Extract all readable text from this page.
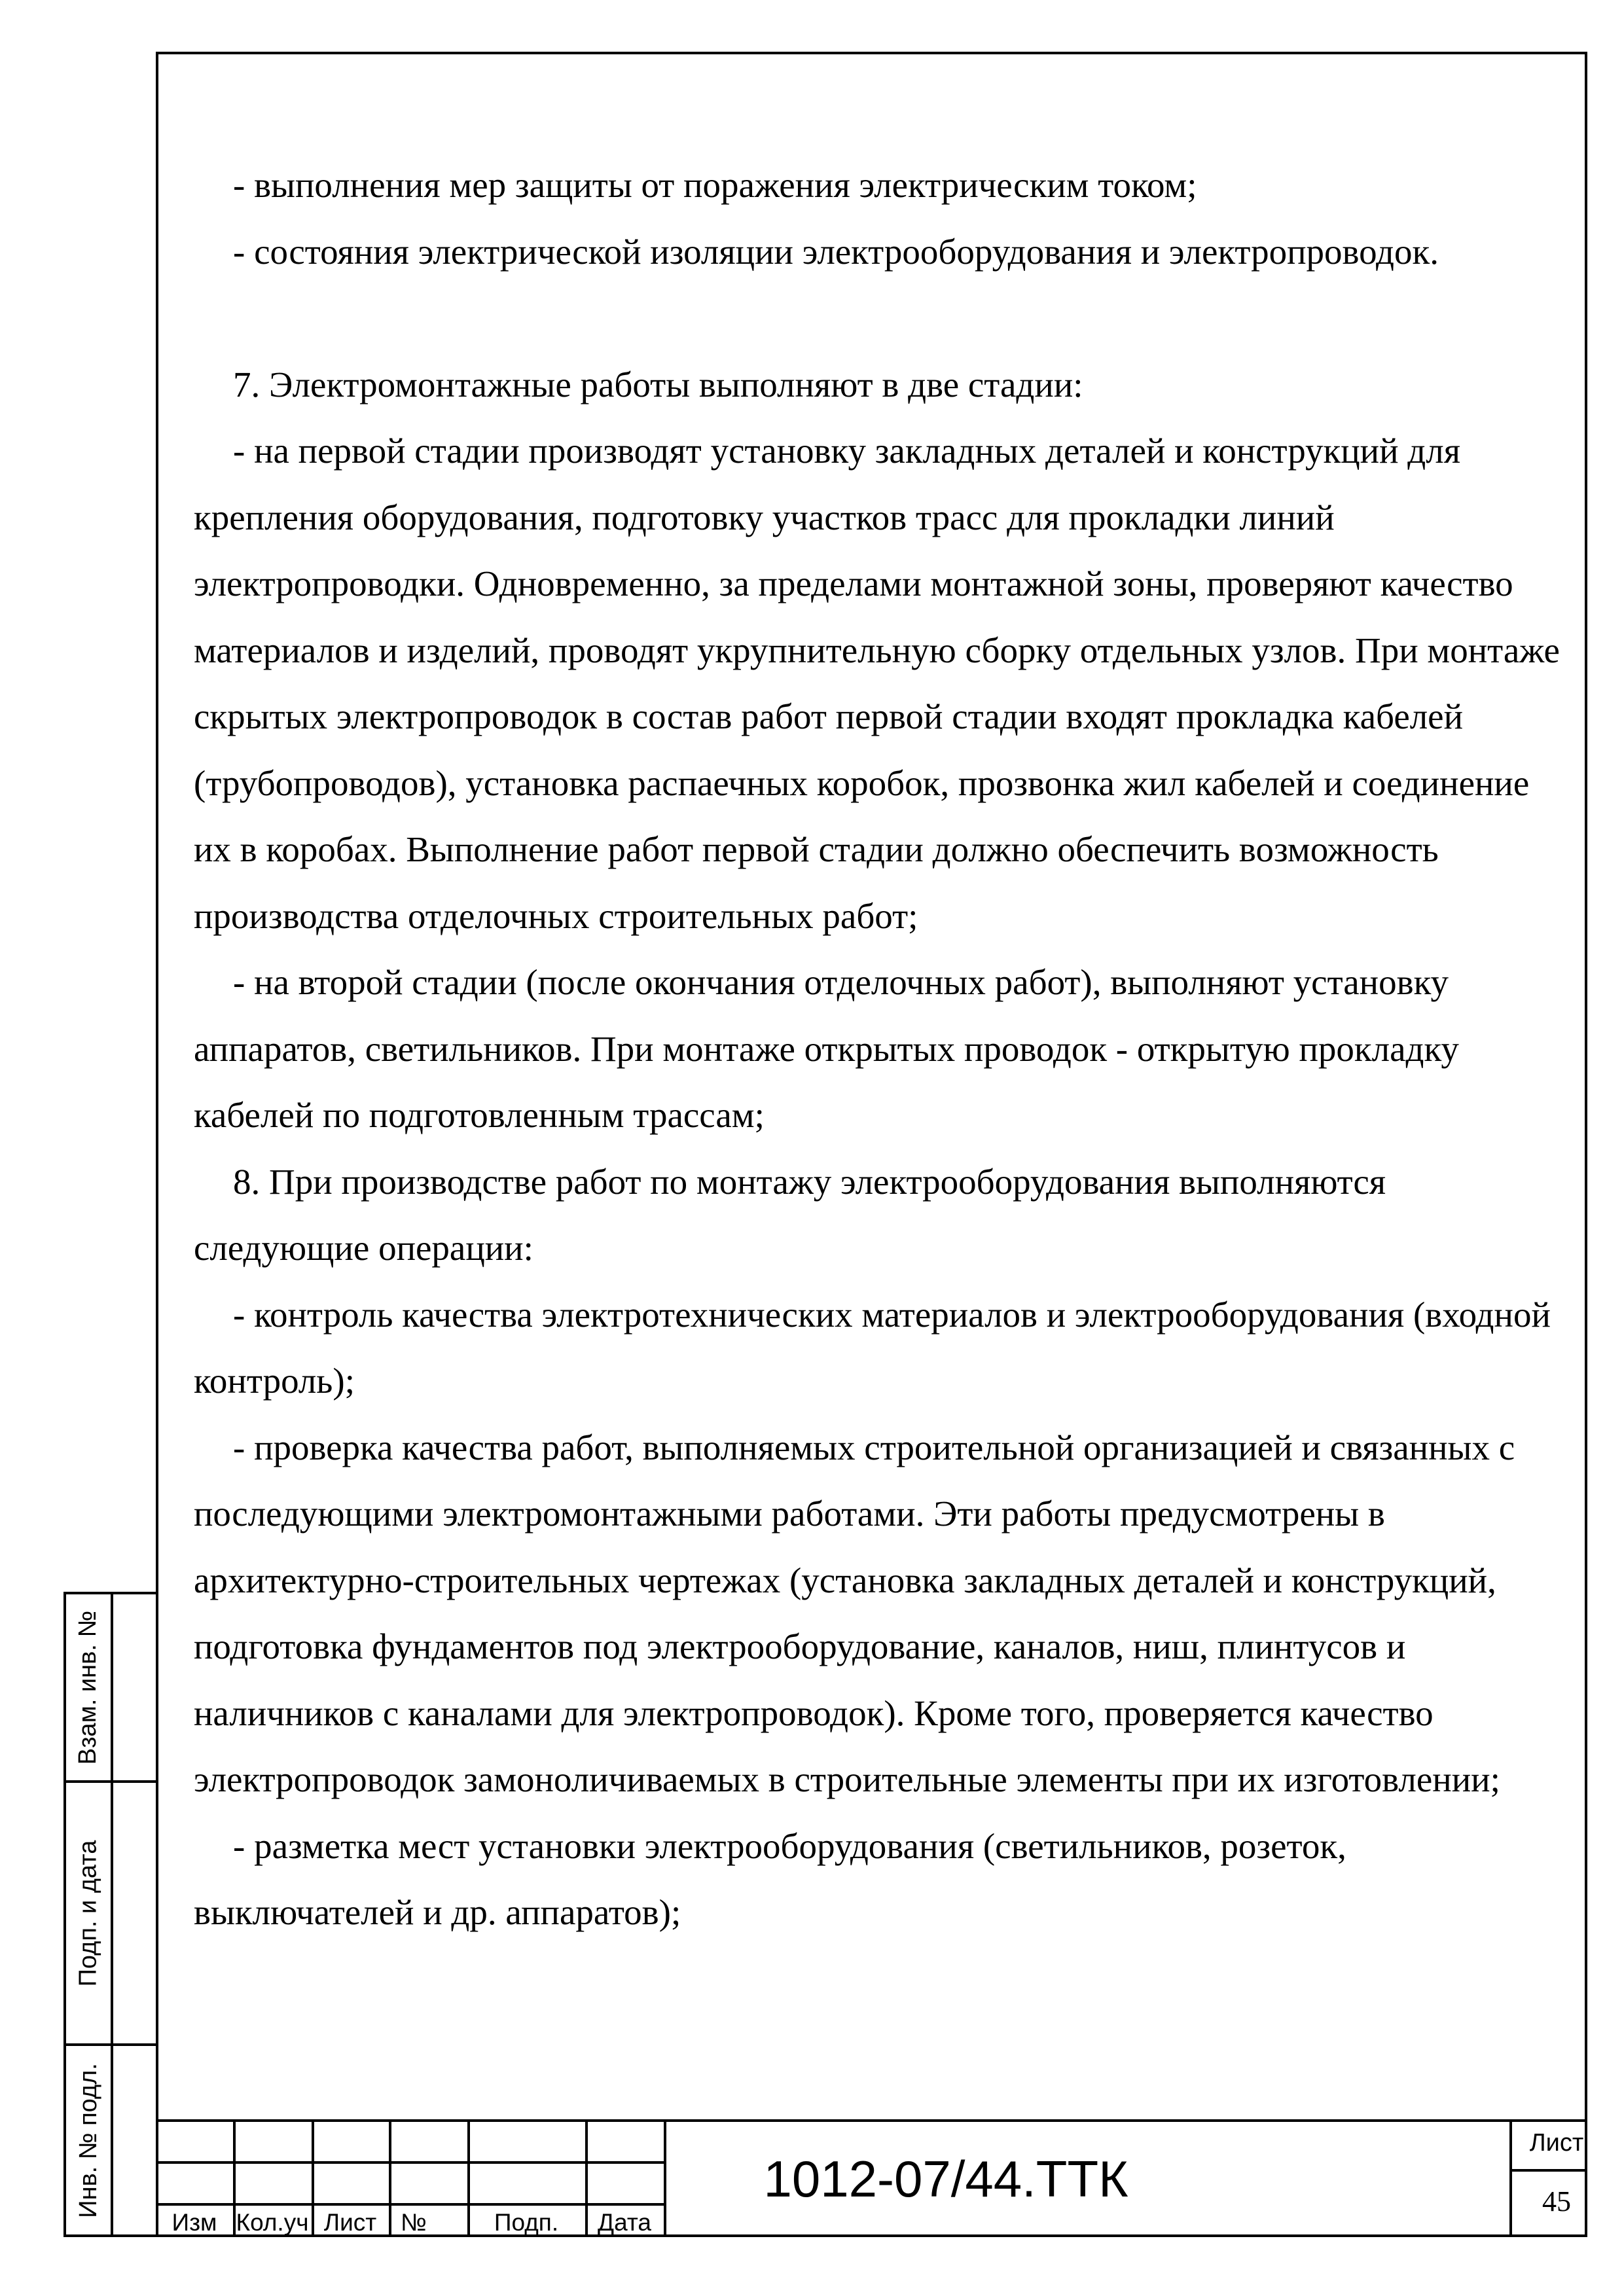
- выполнения мер защиты от поражения электрическим током;

- состояния электрической изоляции электрооборудования и электропроводок.

7. Электромонтажные работы выполняют в две стадии:

- на первой стадии производят установку закладных деталей и конструкций для крепления оборудования, подготовку участков трасс для прокладки линий электропроводки. Одновременно, за пределами монтажной зоны, проверяют качество материалов и изделий, проводят укрупнительную сборку отдельных узлов. При монтаже скрытых электропроводок в состав работ первой стадии входят прокладка кабелей (трубопроводов), установка распаечных коробок, прозвонка жил кабелей и соединение их в коробах. Выполнение работ первой стадии должно обеспечить возможность производства отделочных строительных работ;

- на второй стадии (после окончания отделочных работ), выполняют установку аппаратов, светильников. При монтаже открытых проводок - открытую прокладку кабелей по подготовленным трассам;

8. При производстве работ по монтажу электрооборудования выполняются следующие операции:

- контроль качества электротехнических материалов и электрооборудования (входной контроль);

- проверка качества работ, выполняемых строительной организацией и связанных с последующими электромонтажными работами. Эти работы предусмотрены в архитектурно-строительных чертежах (установка закладных деталей и конструкций, подготовка фундаментов под электрооборудование, каналов, ниш, плинтусов и наличников с каналами для электропроводок). Кроме того, проверяется качество электропроводок замоноличиваемых в строительные элементы при их изготовлении;

- разметка мест установки электрооборудования (светильников, розеток, выключателей и др. аппаратов);

Взам. инв. №
Подп. и дата
Инв. № подл.
Изм Кол.уч Лист №	Подп.	Дата
1012-07/44.ТТК
Лист
45
